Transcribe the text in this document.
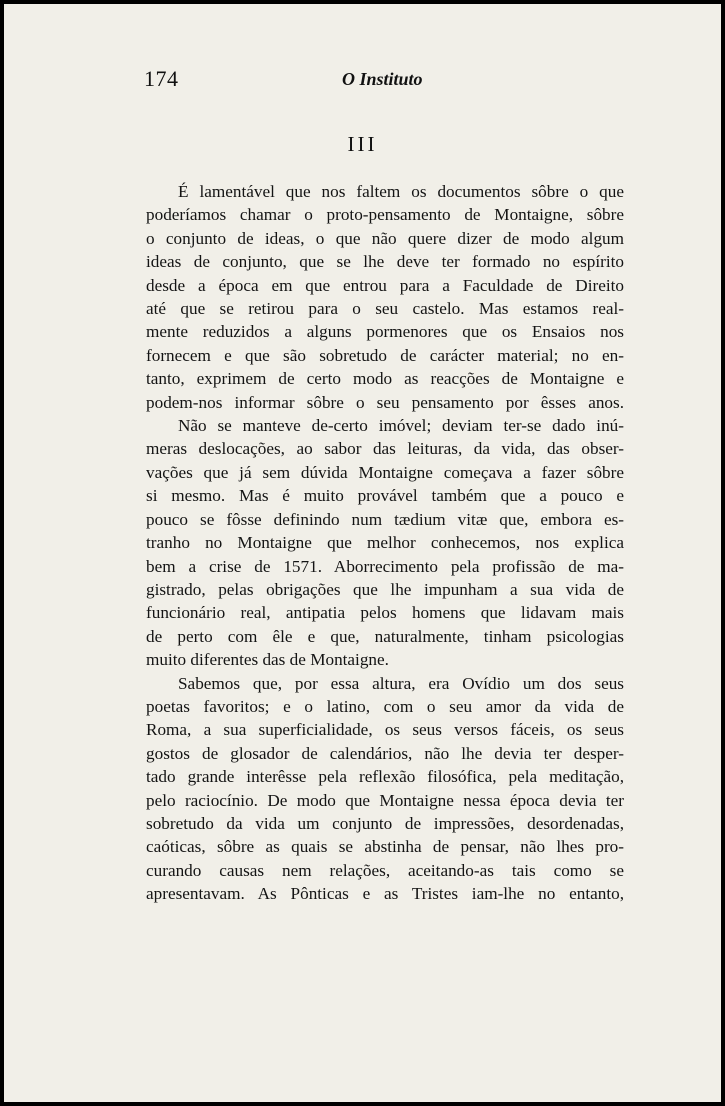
174	O Instituto
III
É lamentável que nos faltem os documentos sôbre o que
poderíamos chamar o proto-pensamento de Montaigne, sôbre
o conjunto de ideas, o que não quere dizer de modo algum
ideas de conjunto, que se lhe deve ter formado no espírito
desde a época em que entrou para a Faculdade de Direito
até que se retirou para o seu castelo. Mas estamos real-
mente reduzidos a alguns pormenores que os Ensaios nos
fornecem e que são sobretudo de carácter material; no en-
tanto, exprimem de certo modo as reacções de Montaigne e
podem-nos informar sôbre o seu pensamento por êsses anos.
Não se manteve de-certo imóvel; deviam ter-se dado inú-
meras deslocações, ao sabor das leituras, da vida, das obser-
vações que já sem dúvida Montaigne começava a fazer sôbre
si mesmo. Mas é muito provável também que a pouco e
pouco se fôsse definindo num tædium vitæ que, embora es-
tranho no Montaigne que melhor conhecemos, nos explica
bem a crise de 1571. Aborrecimento pela profissão de ma-
gistrado, pelas obrigações que lhe impunham a sua vida de
funcionário real, antipatia pelos homens que lidavam mais
de perto com êle e que, naturalmente, tinham psicologias
muito diferentes das de Montaigne.
Sabemos que, por essa altura, era Ovídio um dos seus
poetas favoritos; e o latino, com o seu amor da vida de
Roma, a sua superficialidade, os seus versos fáceis, os seus
gostos de glosador de calendários, não lhe devia ter desper-
tado grande interêsse pela reflexão filosófica, pela meditação,
pelo raciocínio. De modo que Montaigne nessa época devia ter
sobretudo da vida um conjunto de impressões, desordenadas,
caóticas, sôbre as quais se abstinha de pensar, não lhes pro-
curando causas nem relações, aceitando-as tais como se
apresentavam. As Pônticas e as Tristes iam-lhe no entanto,
